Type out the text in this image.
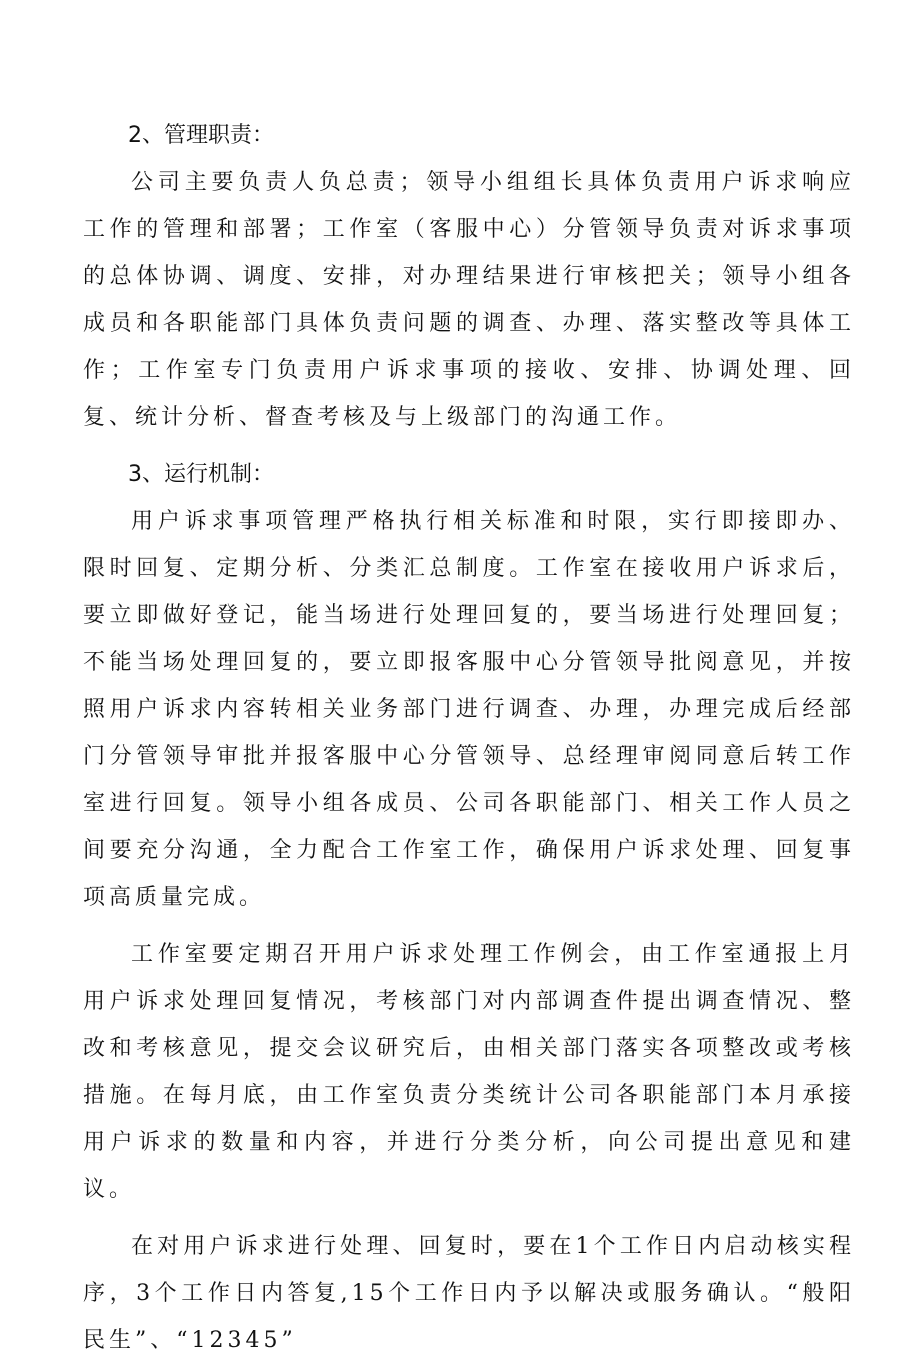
2、管理职责：

公司主要负责人负总责；领导小组组长具体负责用户诉求响应工作的管理和部署；工作室（客服中心）分管领导负责对诉求事项的总体协调、调度、安排，对办理结果进行审核把关；领导小组各成员和各职能部门具体负责问题的调查、办理、落实整改等具体工作；工作室专门负责用户诉求事项的接收、安排、协调处理、回复、统计分析、督查考核及与上级部门的沟通工作。

3、运行机制：

用户诉求事项管理严格执行相关标准和时限，实行即接即办、限时回复、定期分析、分类汇总制度。工作室在接收用户诉求后，要立即做好登记，能当场进行处理回复的，要当场进行处理回复；不能当场处理回复的，要立即报客服中心分管领导批阅意见，并按照用户诉求内容转相关业务部门进行调查、办理，办理完成后经部门分管领导审批并报客服中心分管领导、总经理审阅同意后转工作室进行回复。领导小组各成员、公司各职能部门、相关工作人员之间要充分沟通，全力配合工作室工作，确保用户诉求处理、回复事项高质量完成。

工作室要定期召开用户诉求处理工作例会，由工作室通报上月用户诉求处理回复情况，考核部门对内部调查件提出调查情况、整改和考核意见，提交会议研究后，由相关部门落实各项整改或考核措施。在每月底，由工作室负责分类统计公司各职能部门本月承接用户诉求的数量和内容，并进行分类分析，向公司提出意见和建议。

在对用户诉求进行处理、回复时，要在1个工作日内启动核实程序，3个工作日内答复,15个工作日内予以解决或服务确认。“般阳民生”、“12345”
